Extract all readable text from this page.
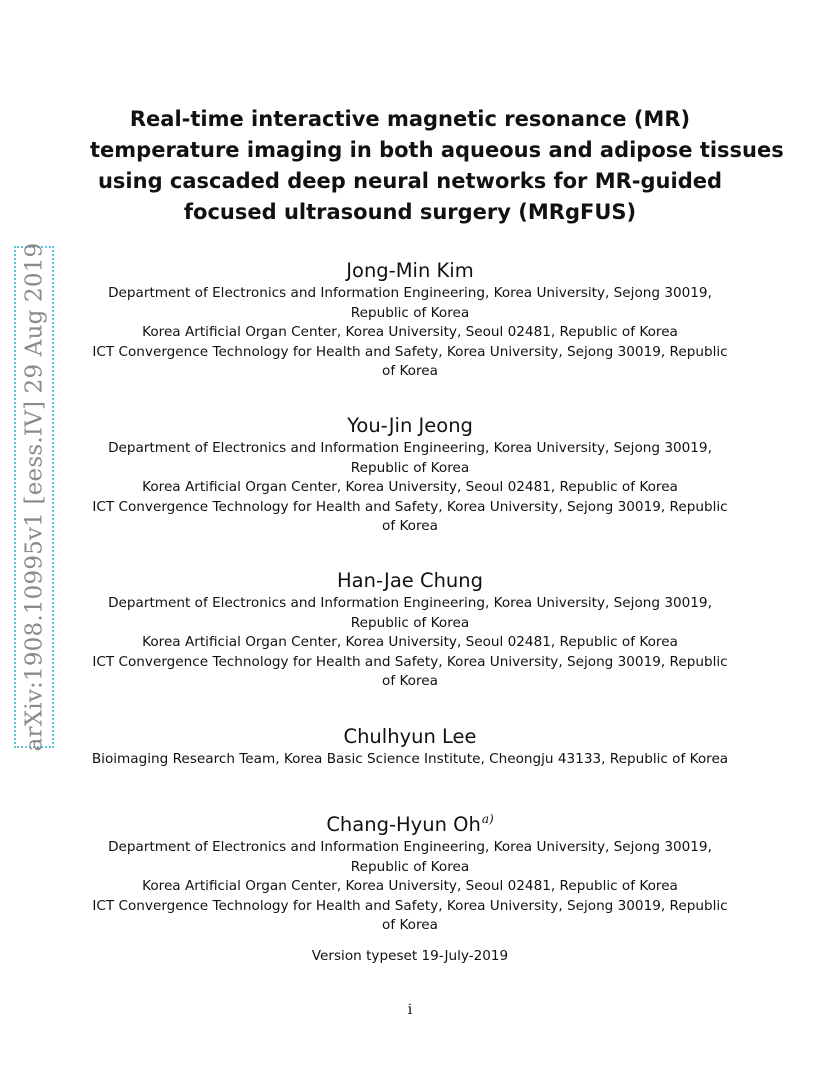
arXiv:1908.10995v1 [eess.IV] 29 Aug 2019
Real-time interactive magnetic resonance (MR)
temperature imaging in both aqueous and adipose tissues
using cascaded deep neural networks for MR-guided
focused ultrasound surgery (MRgFUS)
Jong-Min Kim
Department of Electronics and Information Engineering, Korea University, Sejong 30019,
Republic of Korea
Korea Artificial Organ Center, Korea University, Seoul 02481, Republic of Korea
ICT Convergence Technology for Health and Safety, Korea University, Sejong 30019, Republic
of Korea
You-Jin Jeong
Department of Electronics and Information Engineering, Korea University, Sejong 30019,
Republic of Korea
Korea Artificial Organ Center, Korea University, Seoul 02481, Republic of Korea
ICT Convergence Technology for Health and Safety, Korea University, Sejong 30019, Republic
of Korea
Han-Jae Chung
Department of Electronics and Information Engineering, Korea University, Sejong 30019,
Republic of Korea
Korea Artificial Organ Center, Korea University, Seoul 02481, Republic of Korea
ICT Convergence Technology for Health and Safety, Korea University, Sejong 30019, Republic
of Korea
Chulhyun Lee
Bioimaging Research Team, Korea Basic Science Institute, Cheongju 43133, Republic of Korea
Chang-Hyun Oh$^{a)}$
Department of Electronics and Information Engineering, Korea University, Sejong 30019,
Republic of Korea
Korea Artificial Organ Center, Korea University, Seoul 02481, Republic of Korea
ICT Convergence Technology for Health and Safety, Korea University, Sejong 30019, Republic
of Korea
Version typeset 19-July-2019
i
